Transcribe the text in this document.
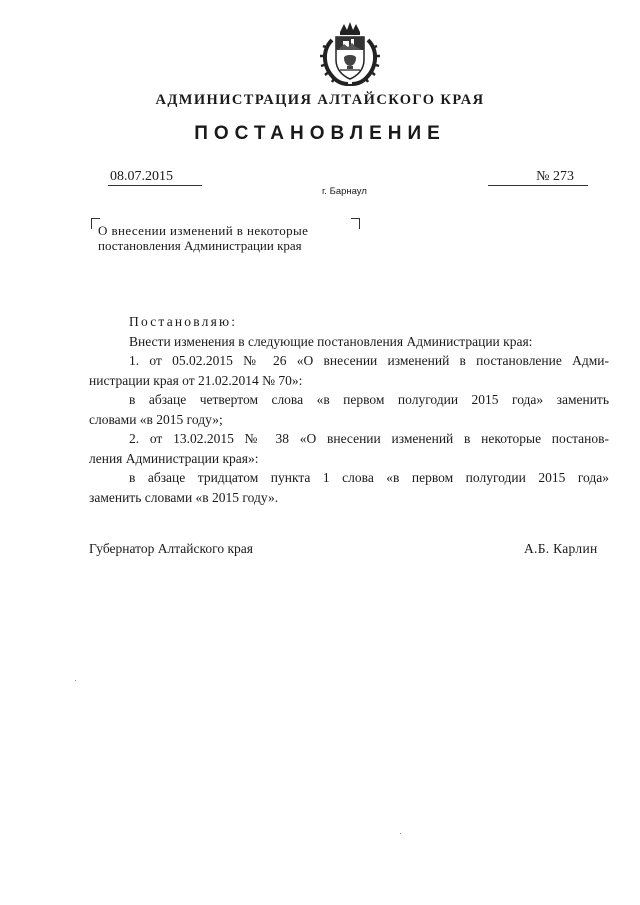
АДМИНИСТРАЦИЯ АЛТАЙСКОГО КРАЯ
ПОСТАНОВЛЕНИЕ
08.07.2015	№ 273
г. Барнаул
О внесении изменений в некоторые
постановления Администрации края

Постановляю:

Внести изменения в следующие постановления Администрации края:

1. от 05.02.2015 № 26 «О внесении изменений в постановление Адми-

нистрации края от 21.02.2014 № 70»:

в абзаце четвертом слова «в первом полугодии 2015 года» заменить

словами «в 2015 году»;

2. от 13.02.2015 № 38 «О внесении изменений в некоторые постанов-

ления Администрации края»:

в абзаце тридцатом пункта 1 слова «в первом полугодии 2015 года»

заменить словами «в 2015 году».

Губернатор Алтайского края	А.Б. Карлин
